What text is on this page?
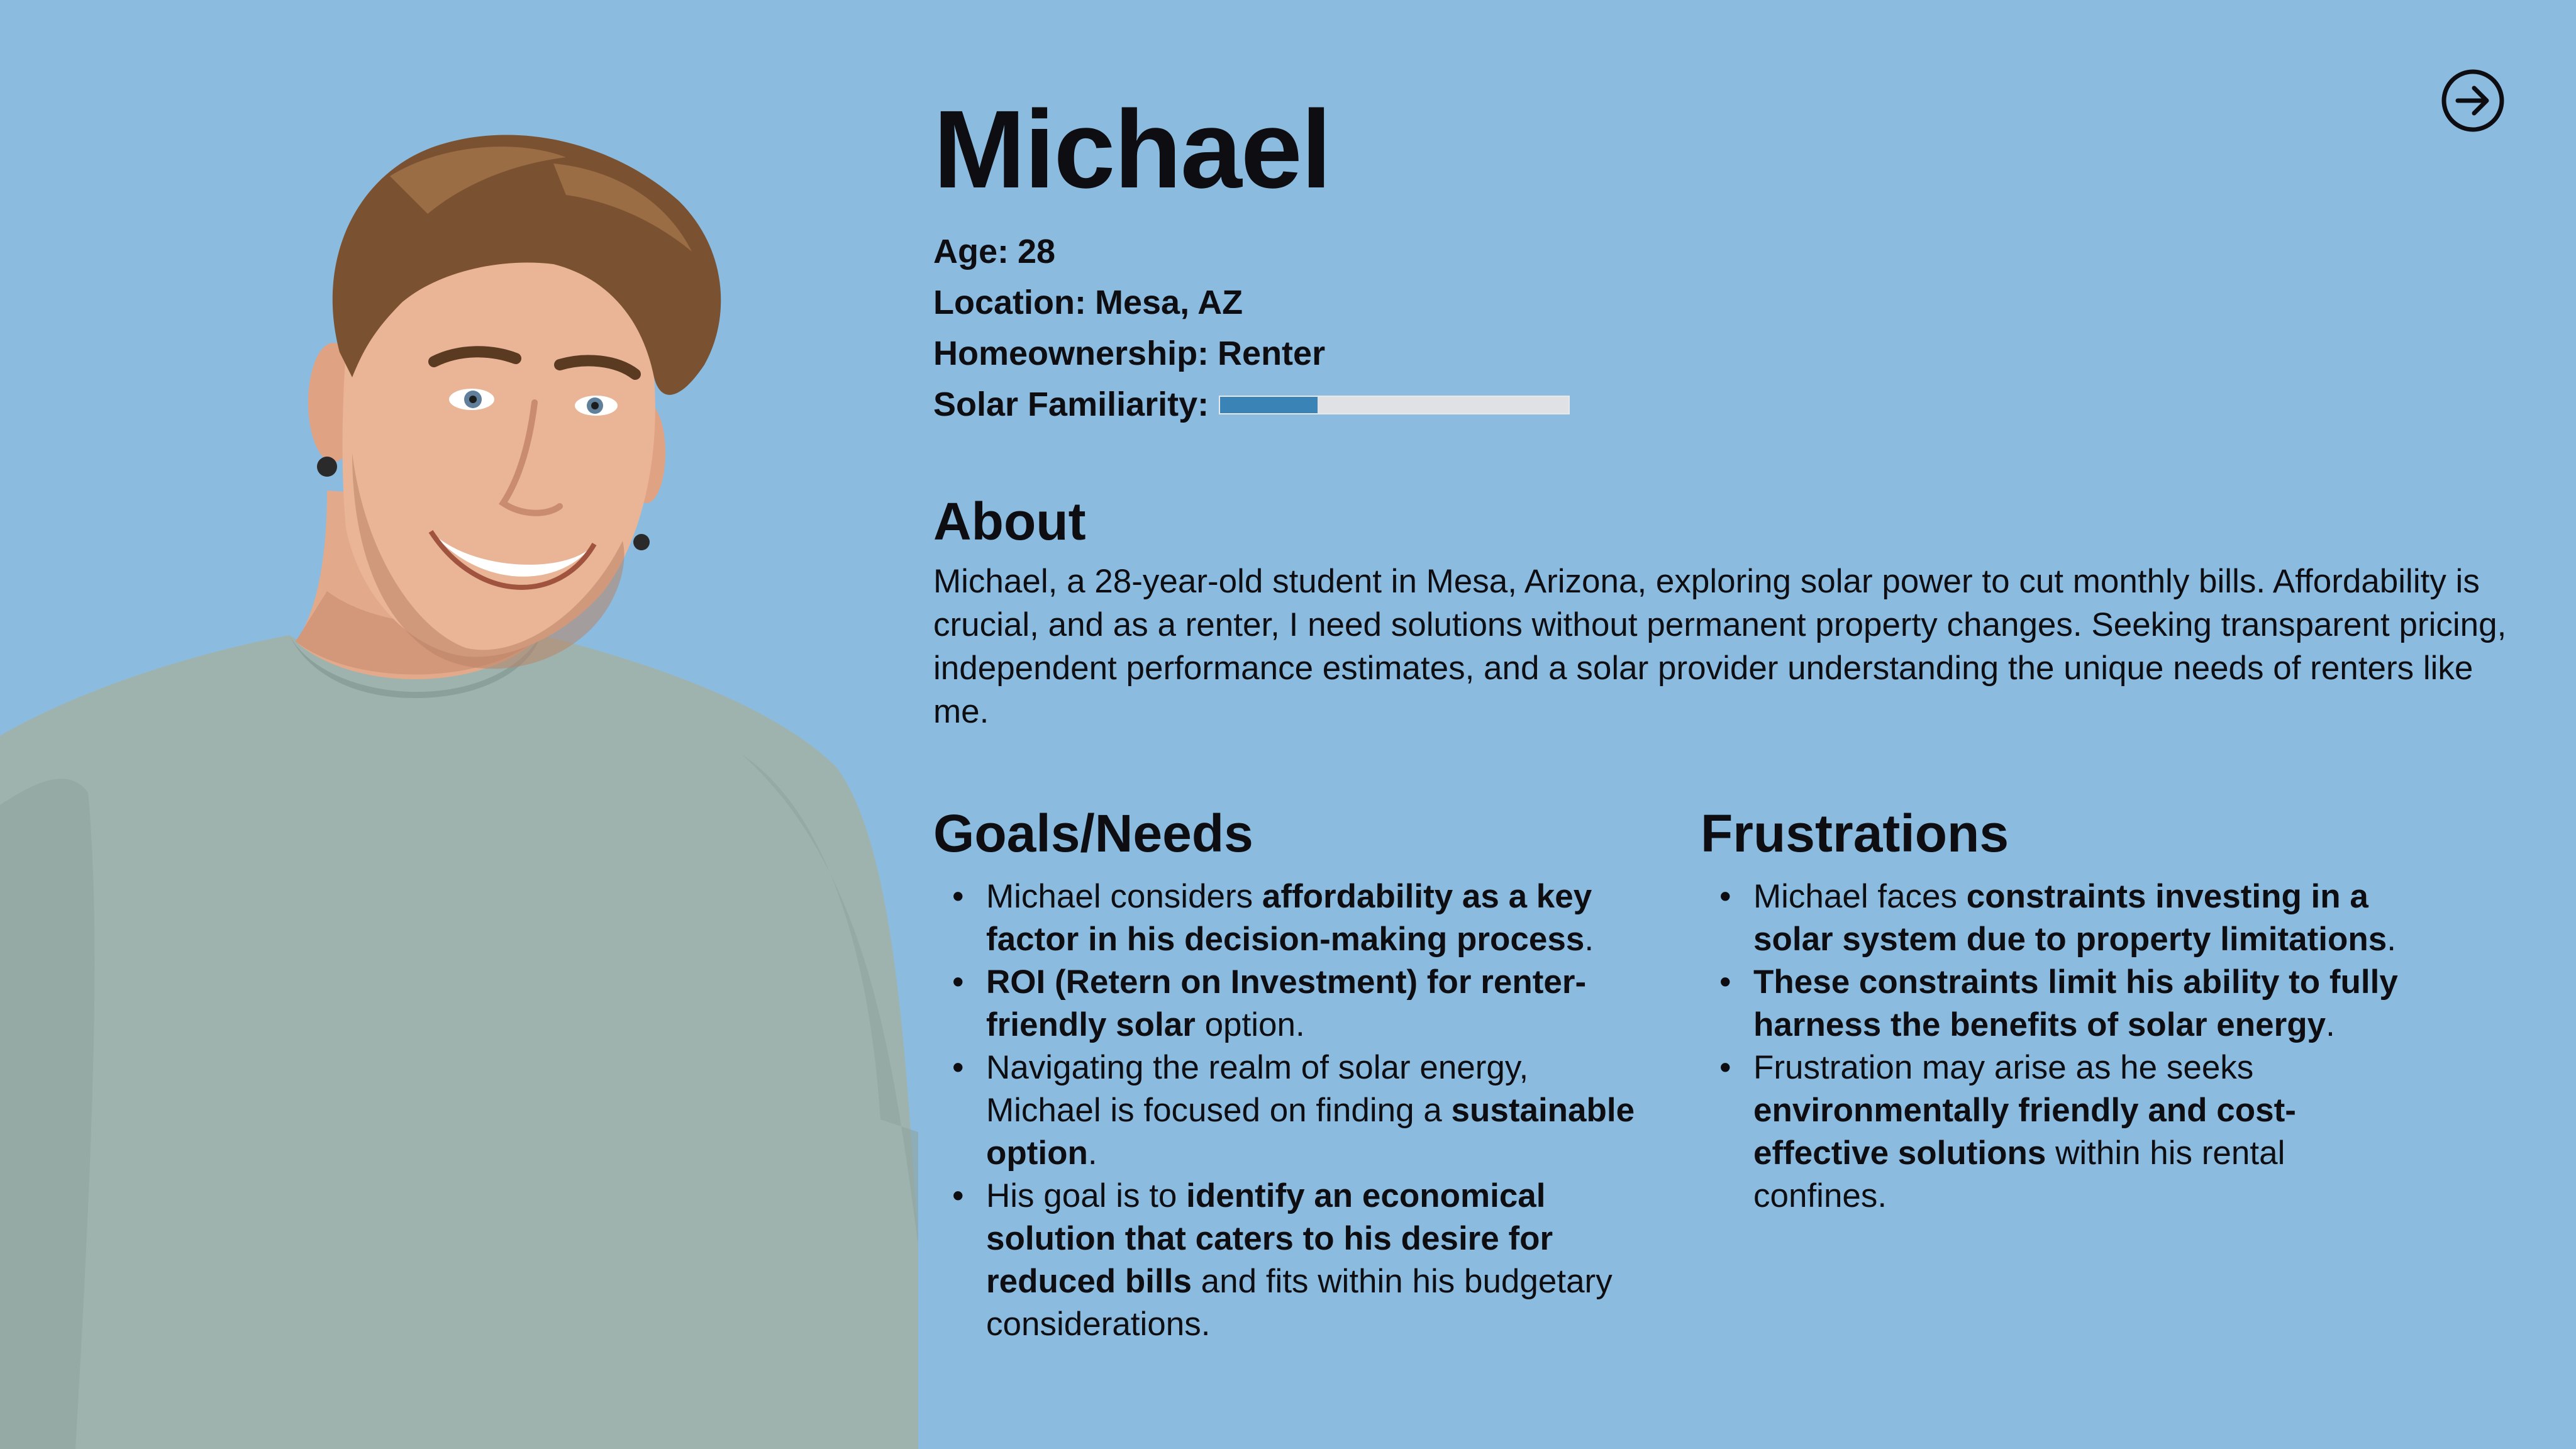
Michael
Age: 28
Location: Mesa, AZ
Homeownership: Renter
Solar Familiarity:
About

Michael, a 28-year-old student in Mesa, Arizona, exploring solar power to cut monthly bills. Affordability is crucial, and as a renter, I need solutions without permanent property changes. Seeking transparent pricing, independent performance estimates, and a solar provider understanding the unique needs of renters like me.

Goals/Needs
• Michael considers affordability as a key factor in his decision-making process.
• ROI (Retern on Investment) for renter-friendly solar option.
• Navigating the realm of solar energy, Michael is focused on finding a sustainable option.
• His goal is to identify an economical solution that caters to his desire for reduced bills and fits within his budgetary considerations.
Frustrations
• Michael faces constraints investing in a solar system due to property limitations.
• These constraints limit his ability to fully harness the benefits of solar energy.
• Frustration may arise as he seeks environmentally friendly and cost-effective solutions within his rental confines.
